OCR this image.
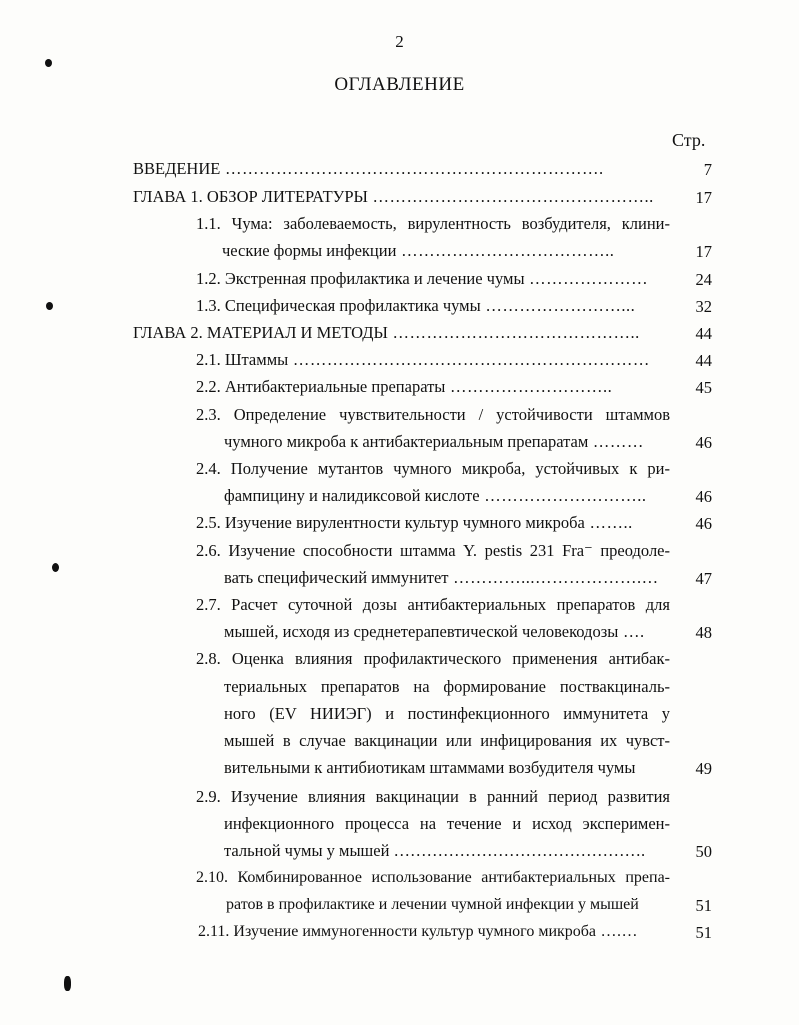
2
ОГЛАВЛЕНИЕ
Стр.
ВВЕДЕНИЕ ………………………………………………………….	7
ГЛАВА 1. ОБЗОР ЛИТЕРАТУРЫ …………………………………………..	17
1.1. Чума: заболеваемость, вирулентность возбудителя, клини-
ческие формы инфекции ………………………………..	17
1.2. Экстренная профилактика и лечение чумы …………………	24
1.3. Специфическая профилактика чумы ……………………...	32
ГЛАВА 2. МАТЕРИАЛ И МЕТОДЫ ……………………………………..	44
2.1. Штаммы ………………………………………………………	44
2.2. Антибактериальные препараты ………………………..	45
2.3. Определение чувствительности / устойчивости штаммов
чумного микроба к антибактериальным препаратам ………	46
2.4. Получение мутантов чумного микроба, устойчивых к ри-
фампицину и налидиксовой кислоте ………………………..	46
2.5. Изучение вирулентности культур чумного микроба ……..	46
2.6. Изучение способности штамма Y. pestis 231 Fra⁻ преодоле-
вать специфический иммунитет …………...……………….…	47
2.7. Расчет суточной дозы антибактериальных препаратов для
мышей, исходя из среднетерапевтической человекодозы ….	48
2.8. Оценка влияния профилактического применения антибак-
териальных препаратов на формирование поствакциналь-
ного (EV НИИЭГ) и постинфекционного иммунитета у
мышей в случае вакцинации или инфицирования их чувст-
вительными к антибиотикам штаммами возбудителя чумы	49
2.9. Изучение влияния вакцинации в ранний период развития
инфекционного процесса на течение и исход эксперимен-
тальной чумы у мышей ……………………………………….	50
2.10. Комбинированное использование антибактериальных препа-
ратов в профилактике и лечении чумной инфекции у мышей	51
2.11. Изучение иммуногенности культур чумного микроба ….…	51
